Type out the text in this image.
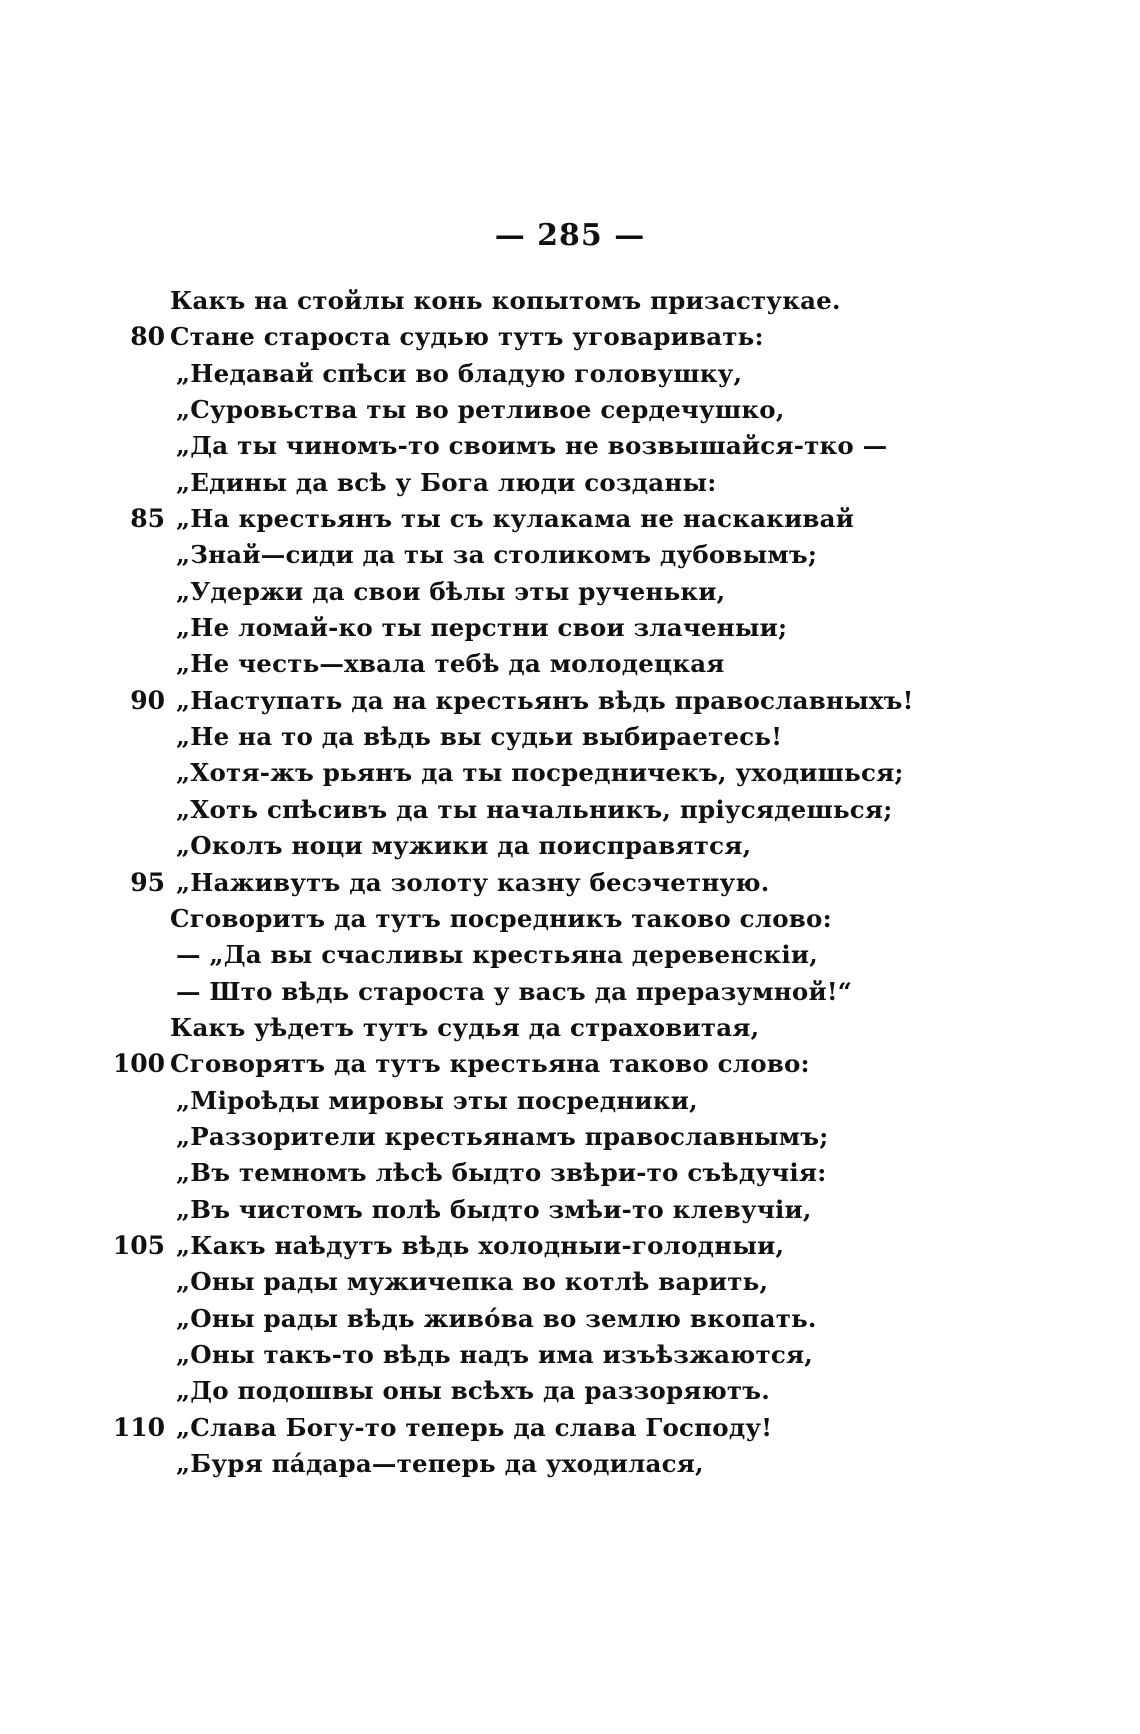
— 285 —
Какъ на стойлы конь копытомъ призастукае.
80 Стане староста судью тутъ уговаривать:
„Недавай спѣси во бладую головушку,
„Суровьства ты во ретливое сердечушко,
„Да ты чиномъ-то своимъ не возвышайся-тко —
„Едины да всѣ у Бога люди созданы:
85 „На крестьянъ ты съ кулакама не наскакивай
„Знай—сиди да ты за столикомъ дубовымъ;
„Удержи да свои бѣлы эты рученьки,
„Не ломай-ко ты перстни свои злаченыи;
„Не честь—хвала тебѣ да молодецкая
90 „Наступать да на крестьянъ вѣдь православныхъ!
„Не на то да вѣдь вы судьи выбираетесь!
„Хотя-жъ рьянъ да ты посредничекъ, уходишься;
„Хоть спѣсивъ да ты начальникъ, прiусядешься;
„Околъ ноци мужики да поисправятся,
95 „Наживутъ да золоту казну бесэчетную.
Сговоритъ да тутъ посредникъ таково слово:
— „Да вы счасливы крестьяна деревенскiи,
— Што вѣдь староста у васъ да преразумной!“
Какъ уѣдетъ тутъ судья да страховитая,
100 Сговорятъ да тутъ крестьяна таково слово:
„Мiроѣды мировы эты посредники,
„Раззорители крестьянамъ православнымъ;
„Въ темномъ лѣсѣ быдто звѣри-то съѣдучiя:
„Въ чистомъ полѣ быдто змѣи-то клевучiи,
105 „Какъ наѣдутъ вѣдь холодныи-голодныи,
„Оны рады мужичепка во котлѣ варить,
„Оны рады вѣдь живо́ва во землю вкопать.
„Оны такъ-то вѣдь надъ има изъѣзжаются,
„До подошвы оны всѣхъ да раззоряютъ.
110 „Слава Богу-то теперь да слава Господу!
„Буря па́дара—теперь да уходилася,
